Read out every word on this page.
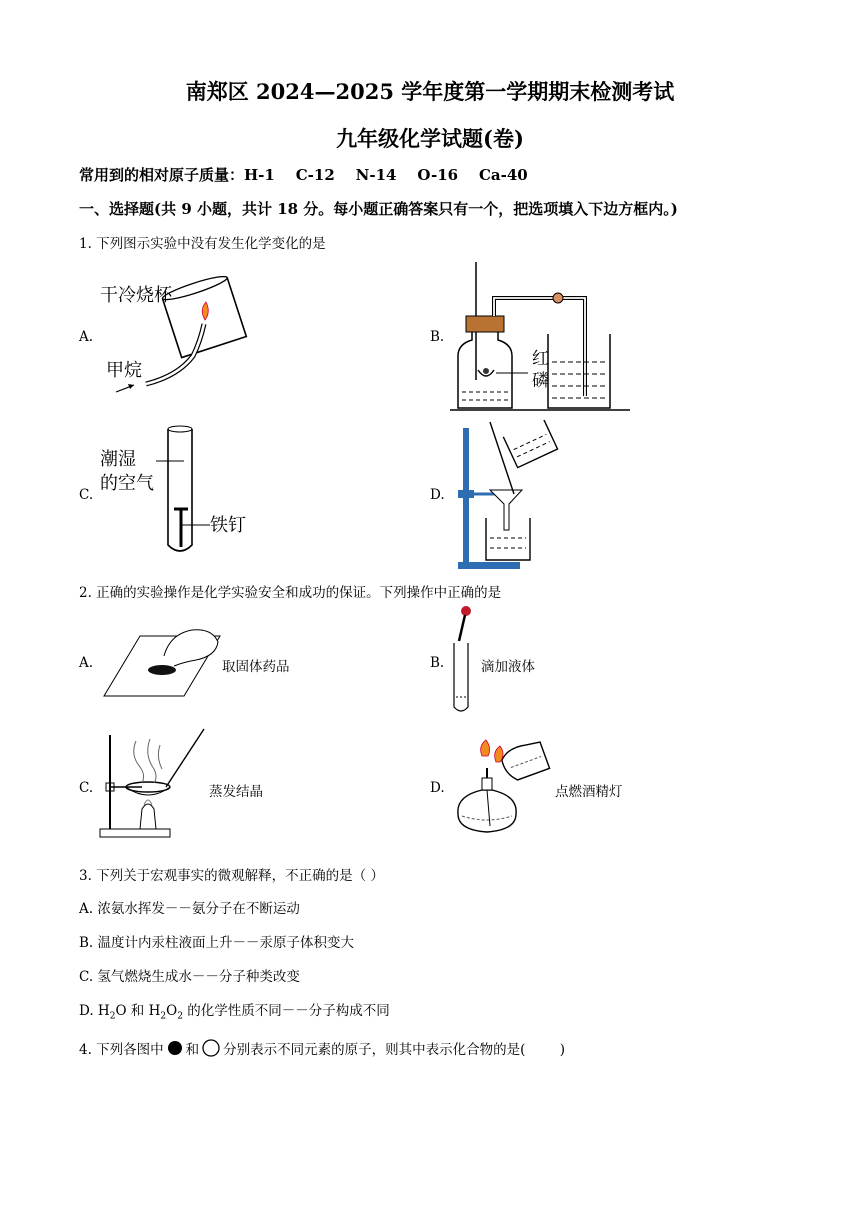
南郑区 2024—2025 学年度第一学期期末检测考试
九年级化学试题(卷)
常用到的相对原子质量：H-1    C-12    N-14    O-16    Ca-40
一、选择题(共 9 小题，共计 18 分。每小题正确答案只有一个，把选项填入下边方框内。)
1. 下列图示实验中没有发生化学变化的是
A.
干冷烧杯
甲烷
B.
红
磷
C.
潮湿
的空气
铁钉
D.
2. 正确的实验操作是化学实验安全和成功的保证。下列操作中正确的是
A.	取固体药品	B.	滴加液体
C.	蒸发结晶	D.	点燃酒精灯
3. 下列关于宏观事实的微观解释，不正确的是（ ）
A. 浓氨水挥发－－氨分子在不断运动
B. 温度计内汞柱液面上升－－汞原子体积变大
C. 氢气燃烧生成水－－分子种类改变
D. $H_2O$ 和 $H_2O_2$ 的化学性质不同－－分子构成不同
4. 下列各图中 和 分别表示不同元素的原子，则其中表示化合物的是(        )
